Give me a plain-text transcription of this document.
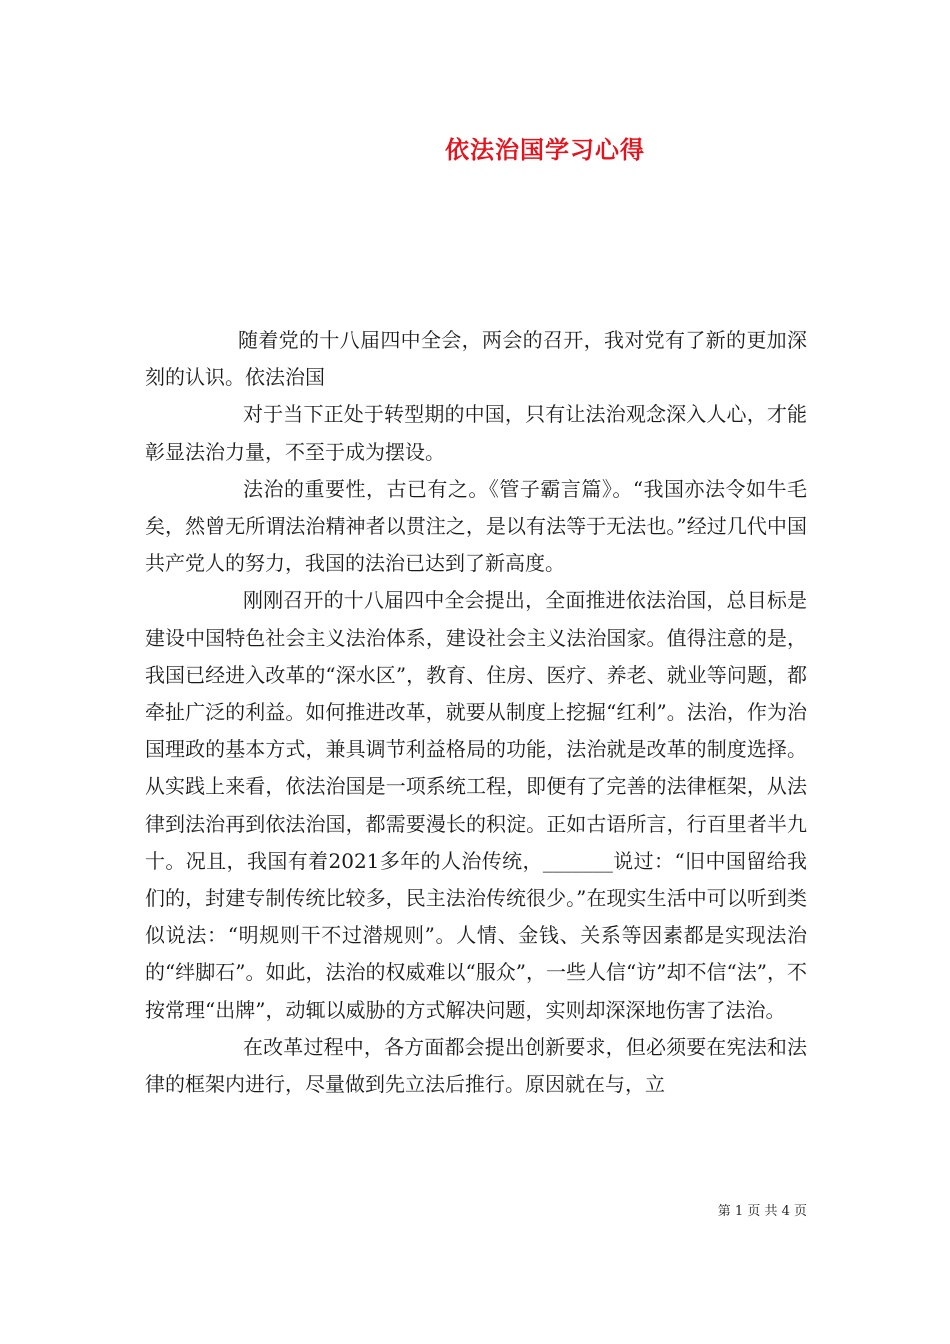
依法治国学习心得

随着党的十八届四中全会，两会的召开，我对党有了新的更加深刻的认识。依法治国

对于当下正处于转型期的中国，只有让法治观念深入人心，才能彰显法治力量，不至于成为摆设。

法治的重要性，古已有之。《管子霸言篇》。“我国亦法令如牛毛矣，然曾无所谓法治精神者以贯注之，是以有法等于无法也。”经过几代中国共产党人的努力，我国的法治已达到了新高度。

刚刚召开的十八届四中全会提出，全面推进依法治国，总目标是建设中国特色社会主义法治体系，建设社会主义法治国家。值得注意的是，我国已经进入改革的“深水区”，教育、住房、医疗、养老、就业等问题，都牵扯广泛的利益。如何推进改革，就要从制度上挖掘“红利”。法治，作为治国理政的基本方式，兼具调节利益格局的功能，法治就是改革的制度选择。从实践上来看，依法治国是一项系统工程，即便有了完善的法律框架，从法律到法治再到依法治国，都需要漫长的积淀。正如古语所言，行百里者半九十。况且，我国有着2021多年的人治传统，_______说过：“旧中国留给我们的，封建专制传统比较多，民主法治传统很少。”在现实生活中可以听到类似说法：“明规则干不过潜规则”。人情、金钱、关系等因素都是实现法治的“绊脚石”。如此，法治的权威难以“服众”，一些人信“访”却不信“法”，不按常理“出牌”，动辄以威胁的方式解决问题，实则却深深地伤害了法治。

在改革过程中，各方面都会提出创新要求，但必须要在宪法和法律的框架内进行，尽量做到先立法后推行。原因就在与，立

第 1 页 共 4 页
